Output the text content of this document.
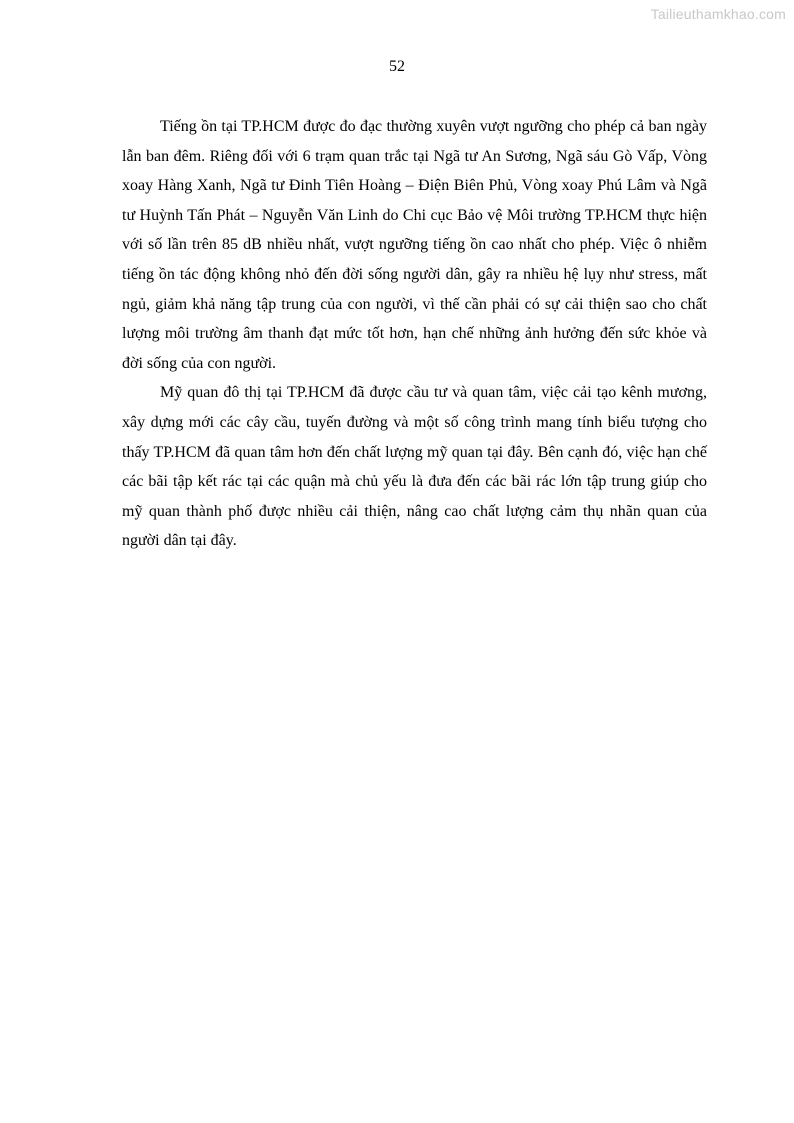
Tailieuthamkhao.com
52

Tiếng ồn tại TP.HCM được đo đạc thường xuyên vượt ngưỡng cho phép cả ban ngày lẫn ban đêm. Riêng đối với 6 trạm quan trắc tại Ngã tư An Sương, Ngã sáu Gò Vấp, Vòng xoay Hàng Xanh, Ngã tư Đinh Tiên Hoàng – Điện Biên Phủ, Vòng xoay Phú Lâm và Ngã tư Huỳnh Tấn Phát – Nguyễn Văn Linh do Chi cục Bảo vệ Môi trường TP.HCM thực hiện với số lần trên 85 dB nhiều nhất, vượt ngưỡng tiếng ồn cao nhất cho phép. Việc ô nhiễm tiếng ồn tác động không nhỏ đến đời sống người dân, gây ra nhiều hệ lụy như stress, mất ngủ, giảm khả năng tập trung của con người, vì thế cần phải có sự cải thiện sao cho chất lượng môi trường âm thanh đạt mức tốt hơn, hạn chế những ảnh hưởng đến sức khỏe và đời sống của con người.

Mỹ quan đô thị tại TP.HCM đã được cầu tư và quan tâm, việc cải tạo kênh mương, xây dựng mới các cây cầu, tuyến đường và một số công trình mang tính biểu tượng cho thấy TP.HCM đã quan tâm hơn đến chất lượng mỹ quan tại đây. Bên cạnh đó, việc hạn chế các bãi tập kết rác tại các quận mà chủ yếu là đưa đến các bãi rác lớn tập trung giúp cho mỹ quan thành phố được nhiều cải thiện, nâng cao chất lượng cảm thụ nhãn quan của người dân tại đây.
